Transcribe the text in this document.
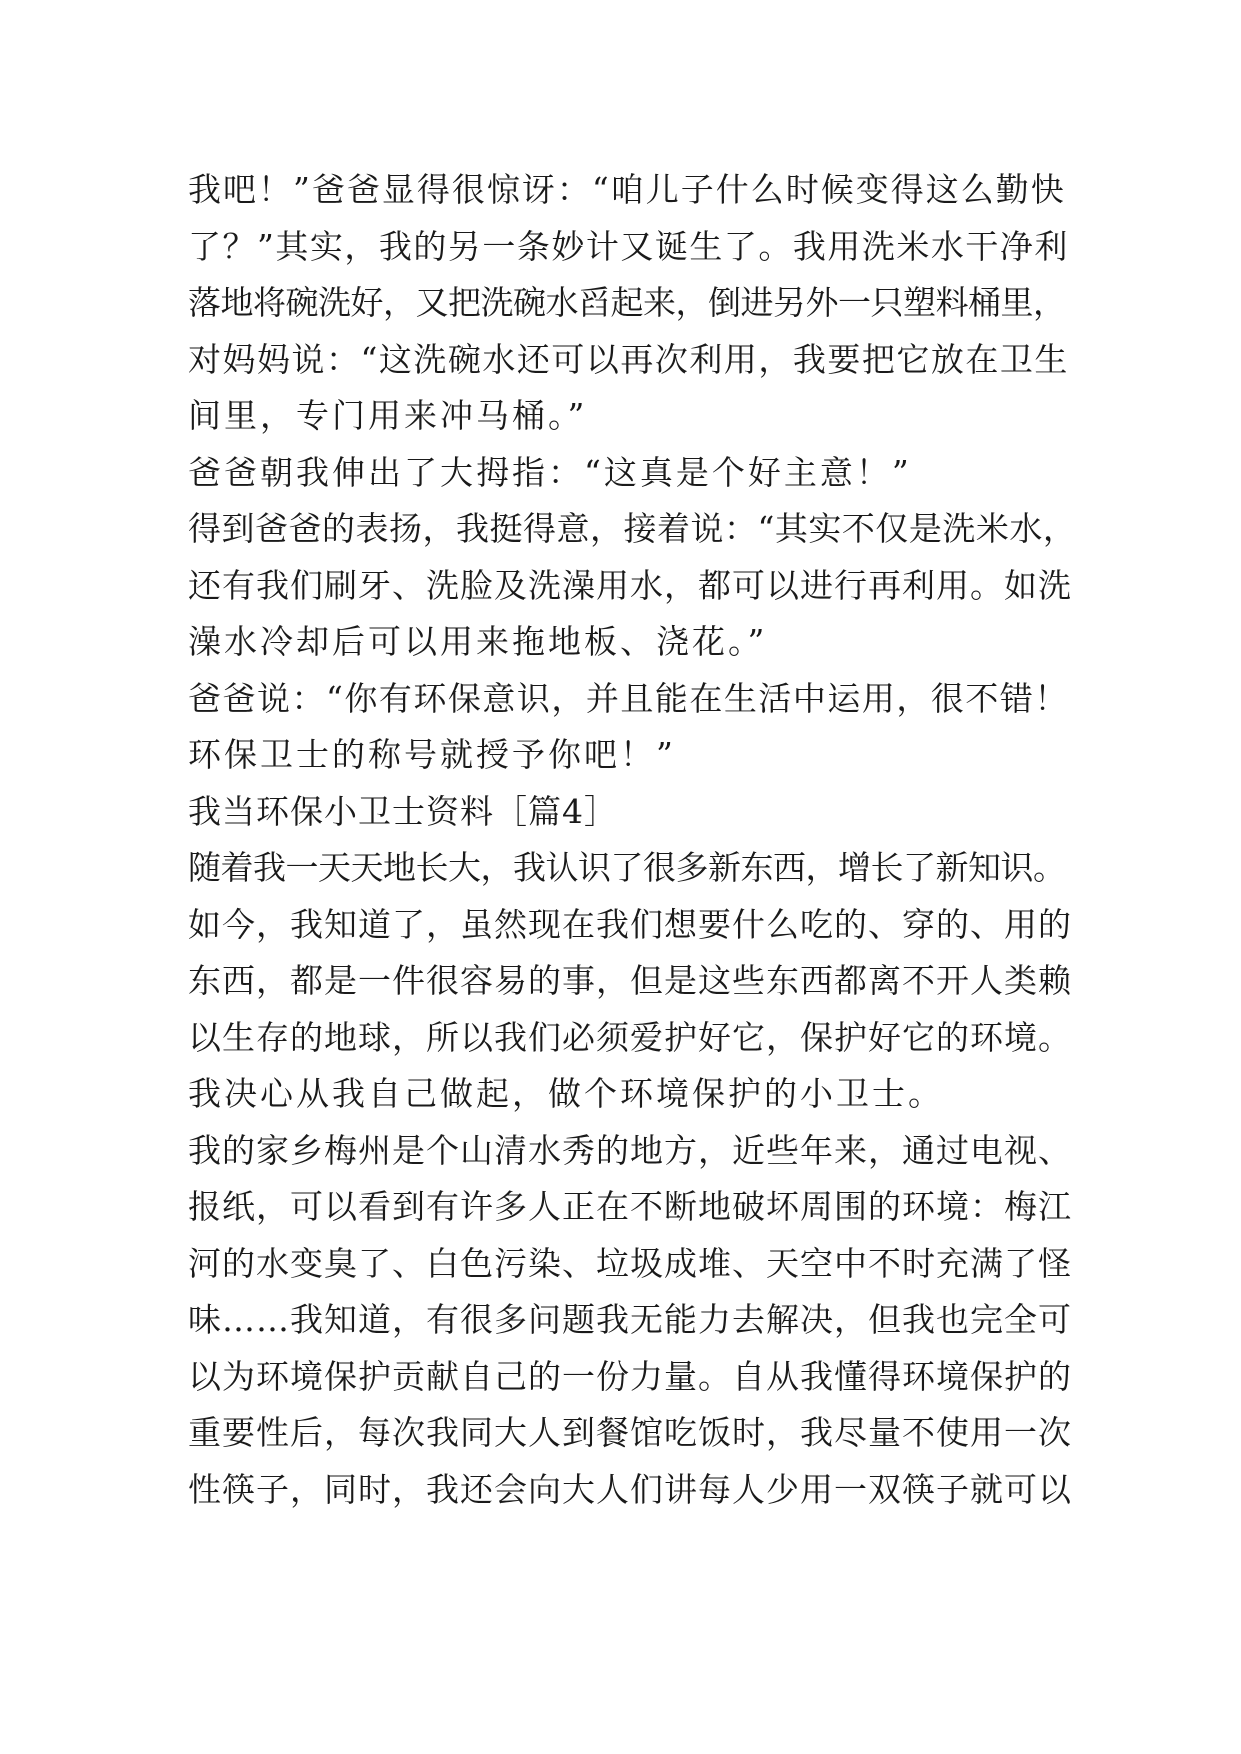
我吧！”爸爸显得很惊讶：“咱儿子什么时候变得这么勤快
了？”其实，我的另一条妙计又诞生了。我用洗米水干净利
落地将碗洗好，又把洗碗水舀起来，倒进另外一只塑料桶里，
对妈妈说：“这洗碗水还可以再次利用，我要把它放在卫生
间里，专门用来冲马桶。”
爸爸朝我伸出了大拇指：“这真是个好主意！”
得到爸爸的表扬，我挺得意，接着说：“其实不仅是洗米水，
还有我们刷牙、洗脸及洗澡用水，都可以进行再利用。如洗
澡水冷却后可以用来拖地板、浇花。”
爸爸说：“你有环保意识，并且能在生活中运用，很不错！
环保卫士的称号就授予你吧！”
我当环保小卫士资料［篇4］
随着我一天天地长大，我认识了很多新东西，增长了新知识。
如今，我知道了，虽然现在我们想要什么吃的、穿的、用的
东西，都是一件很容易的事，但是这些东西都离不开人类赖
以生存的地球，所以我们必须爱护好它，保护好它的环境。
我决心从我自己做起，做个环境保护的小卫士。
我的家乡梅州是个山清水秀的地方，近些年来，通过电视、
报纸，可以看到有许多人正在不断地破坏周围的环境：梅江
河的水变臭了、白色污染、垃圾成堆、天空中不时充满了怪
味……我知道，有很多问题我无能力去解决，但我也完全可
以为环境保护贡献自己的一份力量。自从我懂得环境保护的
重要性后，每次我同大人到餐馆吃饭时，我尽量不使用一次
性筷子，同时，我还会向大人们讲每人少用一双筷子就可以
